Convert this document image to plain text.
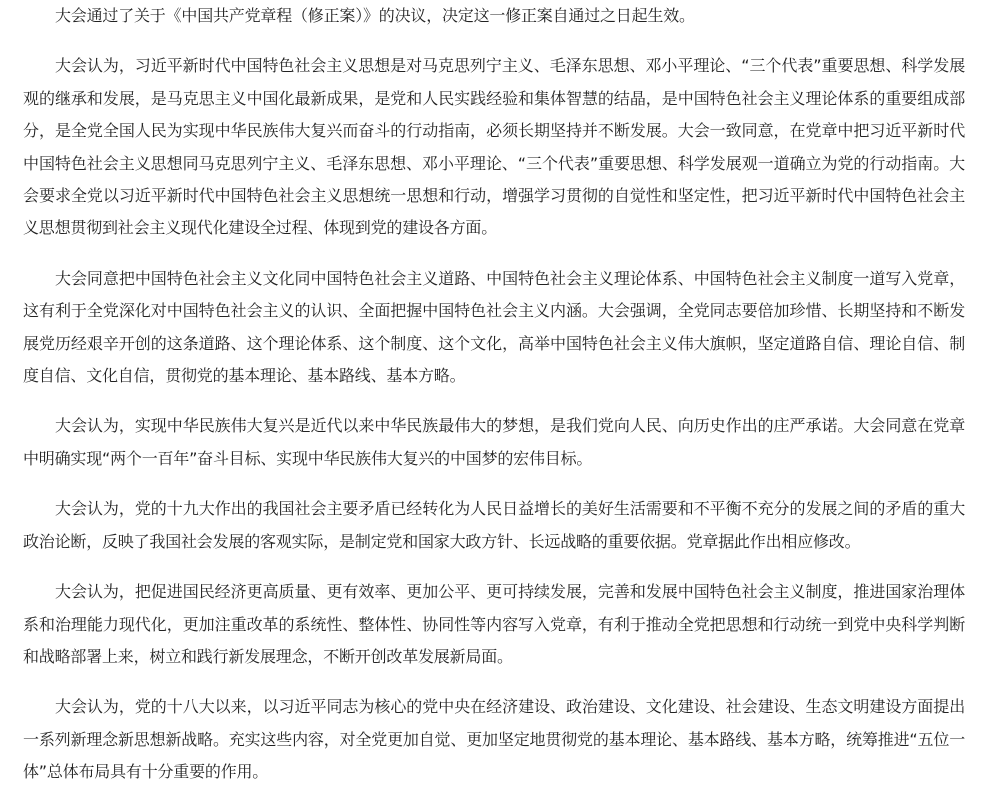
大会通过了关于《中国共产党章程（修正案）》的决议，决定这一修正案自通过之日起生效。

大会认为，习近平新时代中国特色社会主义思想是对马克思列宁主义、毛泽东思想、邓小平理论、“三个代表”重要思想、科学发展观的继承和发展，是马克思主义中国化最新成果，是党和人民实践经验和集体智慧的结晶，是中国特色社会主义理论体系的重要组成部分，是全党全国人民为实现中华民族伟大复兴而奋斗的行动指南，必须长期坚持并不断发展。大会一致同意，在党章中把习近平新时代中国特色社会主义思想同马克思列宁主义、毛泽东思想、邓小平理论、“三个代表”重要思想、科学发展观一道确立为党的行动指南。大会要求全党以习近平新时代中国特色社会主义思想统一思想和行动，增强学习贯彻的自觉性和坚定性，把习近平新时代中国特色社会主义思想贯彻到社会主义现代化建设全过程、体现到党的建设各方面。

大会同意把中国特色社会主义文化同中国特色社会主义道路、中国特色社会主义理论体系、中国特色社会主义制度一道写入党章，这有利于全党深化对中国特色社会主义的认识、全面把握中国特色社会主义内涵。大会强调，全党同志要倍加珍惜、长期坚持和不断发展党历经艰辛开创的这条道路、这个理论体系、这个制度、这个文化，高举中国特色社会主义伟大旗帜，坚定道路自信、理论自信、制度自信、文化自信，贯彻党的基本理论、基本路线、基本方略。

大会认为，实现中华民族伟大复兴是近代以来中华民族最伟大的梦想，是我们党向人民、向历史作出的庄严承诺。大会同意在党章中明确实现“两个一百年”奋斗目标、实现中华民族伟大复兴的中国梦的宏伟目标。

大会认为，党的十九大作出的我国社会主要矛盾已经转化为人民日益增长的美好生活需要和不平衡不充分的发展之间的矛盾的重大政治论断，反映了我国社会发展的客观实际，是制定党和国家大政方针、长远战略的重要依据。党章据此作出相应修改。

大会认为，把促进国民经济更高质量、更有效率、更加公平、更可持续发展，完善和发展中国特色社会主义制度，推进国家治理体系和治理能力现代化，更加注重改革的系统性、整体性、协同性等内容写入党章，有利于推动全党把思想和行动统一到党中央科学判断和战略部署上来，树立和践行新发展理念，不断开创改革发展新局面。

大会认为，党的十八大以来，以习近平同志为核心的党中央在经济建设、政治建设、文化建设、社会建设、生态文明建设方面提出一系列新理念新思想新战略。充实这些内容，对全党更加自觉、更加坚定地贯彻党的基本理论、基本路线、基本方略，统筹推进“五位一体”总体布局具有十分重要的作用。
